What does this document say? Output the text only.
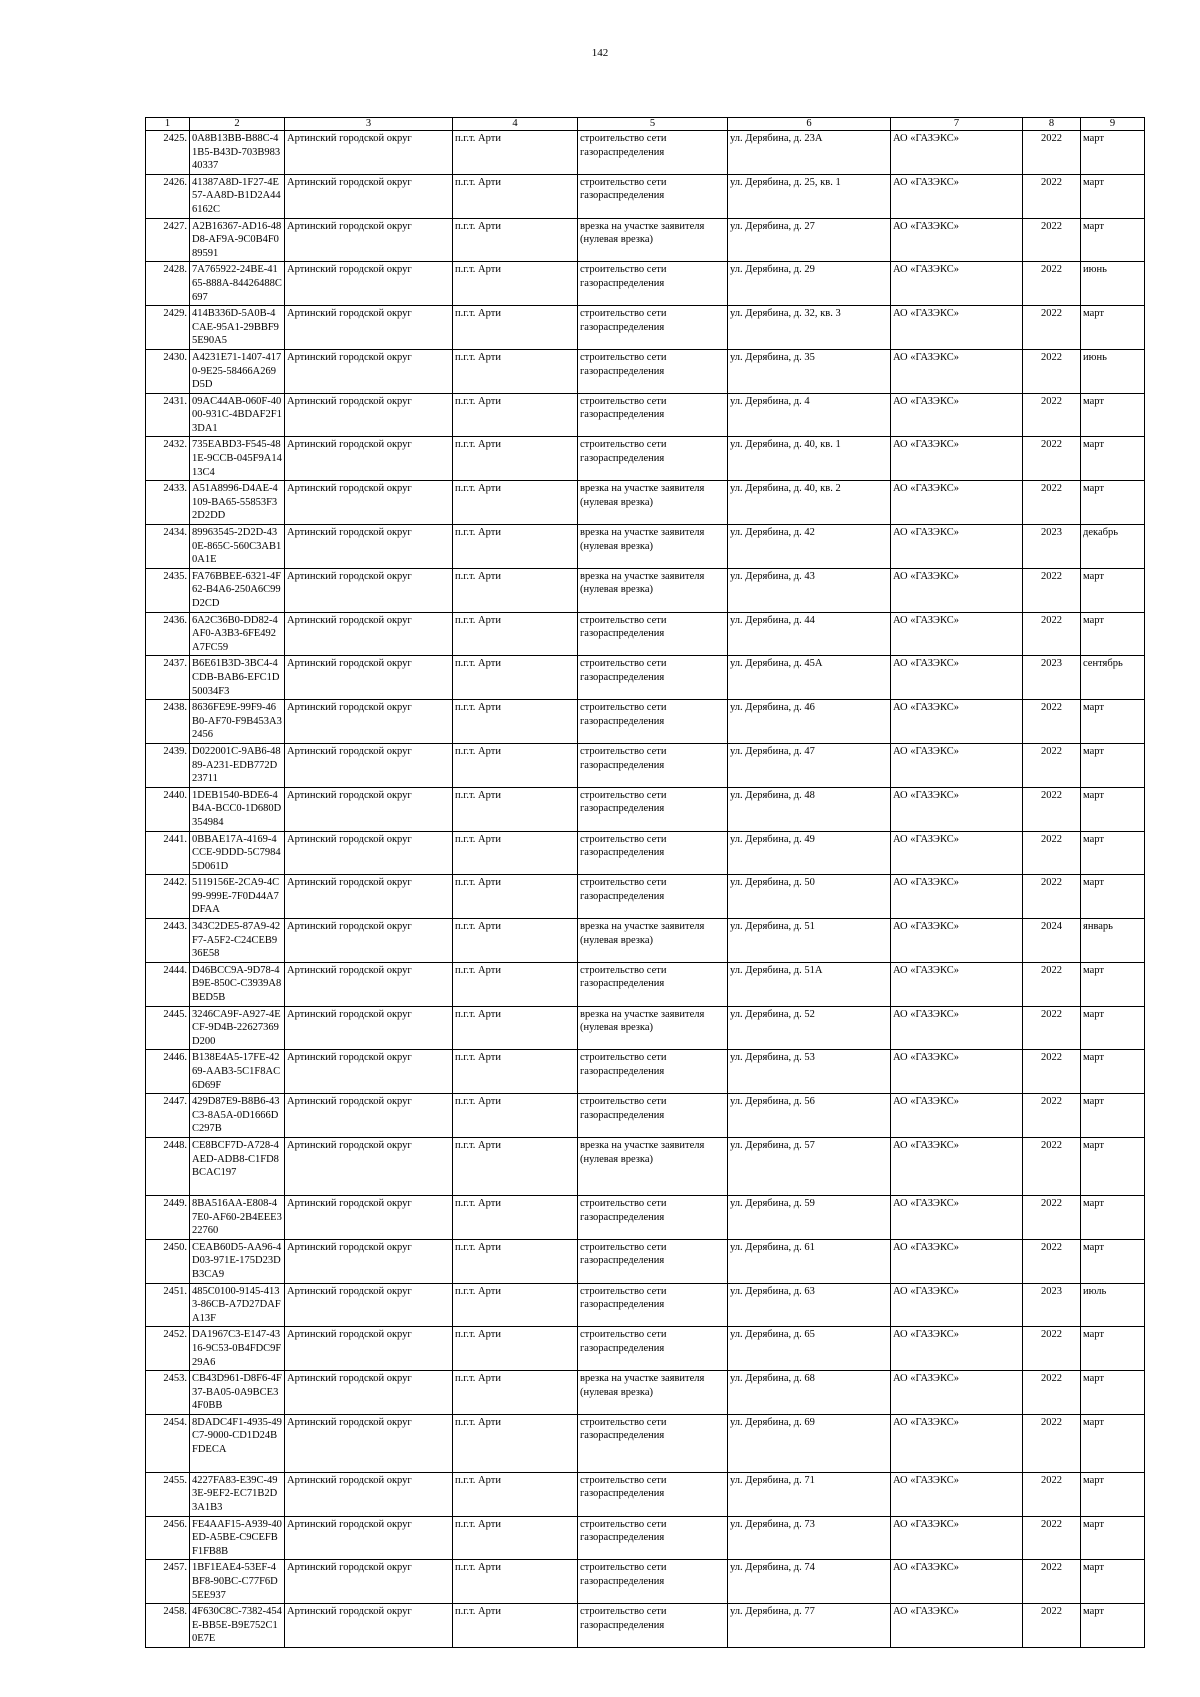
142
1	2	3	4	5	6	7	8	9
2425.	0A8B13BB-B88C-41B5-B43D-703B98340337	Артинский городской округ	п.г.т. Арти	строительство сети газораспределения	ул. Дерябина, д. 23А	АО «ГАЗЭКС»	2022	март
2426.	41387A8D-1F27-4E57-AA8D-B1D2A446162C	Артинский городской округ	п.г.т. Арти	строительство сети газораспределения	ул. Дерябина, д. 25, кв. 1	АО «ГАЗЭКС»	2022	март
2427.	A2B16367-AD16-48D8-AF9A-9C0B4F089591	Артинский городской округ	п.г.т. Арти	врезка на участке заявителя (нулевая врезка)	ул. Дерябина, д. 27	АО «ГАЗЭКС»	2022	март
2428.	7A765922-24BE-4165-888A-84426488C697	Артинский городской округ	п.г.т. Арти	строительство сети газораспределения	ул. Дерябина, д. 29	АО «ГАЗЭКС»	2022	июнь
2429.	414B336D-5A0B-4CAE-95A1-29BBF95E90A5	Артинский городской округ	п.г.т. Арти	строительство сети газораспределения	ул. Дерябина, д. 32, кв. 3	АО «ГАЗЭКС»	2022	март
2430.	A4231E71-1407-4170-9E25-58466A269D5D	Артинский городской округ	п.г.т. Арти	строительство сети газораспределения	ул. Дерябина, д. 35	АО «ГАЗЭКС»	2022	июнь
2431.	09AC44AB-060F-4000-931C-4BDAF2F13DA1	Артинский городской округ	п.г.т. Арти	строительство сети газораспределения	ул. Дерябина, д. 4	АО «ГАЗЭКС»	2022	март
2432.	735EABD3-F545-481E-9CCB-045F9A1413C4	Артинский городской округ	п.г.т. Арти	строительство сети газораспределения	ул. Дерябина, д. 40, кв. 1	АО «ГАЗЭКС»	2022	март
2433.	A51A8996-D4AE-4109-BA65-55853F32D2DD	Артинский городской округ	п.г.т. Арти	врезка на участке заявителя (нулевая врезка)	ул. Дерябина, д. 40, кв. 2	АО «ГАЗЭКС»	2022	март
2434.	89963545-2D2D-430E-865C-560C3AB10A1E	Артинский городской округ	п.г.т. Арти	врезка на участке заявителя (нулевая врезка)	ул. Дерябина, д. 42	АО «ГАЗЭКС»	2023	декабрь
2435.	FA76BBEE-6321-4F62-B4A6-250A6C99D2CD	Артинский городской округ	п.г.т. Арти	врезка на участке заявителя (нулевая врезка)	ул. Дерябина, д. 43	АО «ГАЗЭКС»	2022	март
2436.	6A2C36B0-DD82-4AF0-A3B3-6FE492A7FC59	Артинский городской округ	п.г.т. Арти	строительство сети газораспределения	ул. Дерябина, д. 44	АО «ГАЗЭКС»	2022	март
2437.	B6E61B3D-3BC4-4CDB-BAB6-EFC1D50034F3	Артинский городской округ	п.г.т. Арти	строительство сети газораспределения	ул. Дерябина, д. 45А	АО «ГАЗЭКС»	2023	сентябрь
2438.	8636FE9E-99F9-46B0-AF70-F9B453A32456	Артинский городской округ	п.г.т. Арти	строительство сети газораспределения	ул. Дерябина, д. 46	АО «ГАЗЭКС»	2022	март
2439.	D022001C-9AB6-4889-A231-EDB772D23711	Артинский городской округ	п.г.т. Арти	строительство сети газораспределения	ул. Дерябина, д. 47	АО «ГАЗЭКС»	2022	март
2440.	1DEB1540-BDE6-4B4A-BCC0-1D680D354984	Артинский городской округ	п.г.т. Арти	строительство сети газораспределения	ул. Дерябина, д. 48	АО «ГАЗЭКС»	2022	март
2441.	0BBAE17A-4169-4CCE-9DDD-5C79845D061D	Артинский городской округ	п.г.т. Арти	строительство сети газораспределения	ул. Дерябина, д. 49	АО «ГАЗЭКС»	2022	март
2442.	5119156E-2CA9-4C99-999E-7F0D44A7DFAA	Артинский городской округ	п.г.т. Арти	строительство сети газораспределения	ул. Дерябина, д. 50	АО «ГАЗЭКС»	2022	март
2443.	343C2DE5-87A9-42F7-A5F2-C24CEB936E58	Артинский городской округ	п.г.т. Арти	врезка на участке заявителя (нулевая врезка)	ул. Дерябина, д. 51	АО «ГАЗЭКС»	2024	январь
2444.	D46BCC9A-9D78-4B9E-850C-C3939A8BED5B	Артинский городской округ	п.г.т. Арти	строительство сети газораспределения	ул. Дерябина, д. 51А	АО «ГАЗЭКС»	2022	март
2445.	3246CA9F-A927-4ECF-9D4B-22627369D200	Артинский городской округ	п.г.т. Арти	врезка на участке заявителя (нулевая врезка)	ул. Дерябина, д. 52	АО «ГАЗЭКС»	2022	март
2446.	B138E4A5-17FE-4269-AAB3-5C1F8AC6D69F	Артинский городской округ	п.г.т. Арти	строительство сети газораспределения	ул. Дерябина, д. 53	АО «ГАЗЭКС»	2022	март
2447.	429D87E9-B8B6-43C3-8A5A-0D1666DC297B	Артинский городской округ	п.г.т. Арти	строительство сети газораспределения	ул. Дерябина, д. 56	АО «ГАЗЭКС»	2022	март
2448.	CE8BCF7D-A728-4AED-ADB8-C1FD8BCAC197	Артинский городской округ	п.г.т. Арти	врезка на участке заявителя (нулевая врезка)	ул. Дерябина, д. 57	АО «ГАЗЭКС»	2022	март
2449.	8BA516AA-E808-47E0-AF60-2B4EEE322760	Артинский городской округ	п.г.т. Арти	строительство сети газораспределения	ул. Дерябина, д. 59	АО «ГАЗЭКС»	2022	март
2450.	CEAB60D5-AA96-4D03-971E-175D23DB3CA9	Артинский городской округ	п.г.т. Арти	строительство сети газораспределения	ул. Дерябина, д. 61	АО «ГАЗЭКС»	2022	март
2451.	485C0100-9145-4133-86CB-A7D27DAFA13F	Артинский городской округ	п.г.т. Арти	строительство сети газораспределения	ул. Дерябина, д. 63	АО «ГАЗЭКС»	2023	июль
2452.	DA1967C3-E147-4316-9C53-0B4FDC9F29A6	Артинский городской округ	п.г.т. Арти	строительство сети газораспределения	ул. Дерябина, д. 65	АО «ГАЗЭКС»	2022	март
2453.	CB43D961-D8F6-4F37-BA05-0A9BCE34F0BB	Артинский городской округ	п.г.т. Арти	врезка на участке заявителя (нулевая врезка)	ул. Дерябина, д. 68	АО «ГАЗЭКС»	2022	март
2454.	8DADC4F1-4935-49C7-9000-CD1D24BFDECA	Артинский городской округ	п.г.т. Арти	строительство сети газораспределения	ул. Дерябина, д. 69	АО «ГАЗЭКС»	2022	март
2455.	4227FA83-E39C-493E-9EF2-EC71B2D3A1B3	Артинский городской округ	п.г.т. Арти	строительство сети газораспределения	ул. Дерябина, д. 71	АО «ГАЗЭКС»	2022	март
2456.	FE4AAF15-A939-40ED-A5BE-C9CEFBF1FB8B	Артинский городской округ	п.г.т. Арти	строительство сети газораспределения	ул. Дерябина, д. 73	АО «ГАЗЭКС»	2022	март
2457.	1BF1EAE4-53EF-4BF8-90BC-C77F6D5EE937	Артинский городской округ	п.г.т. Арти	строительство сети газораспределения	ул. Дерябина, д. 74	АО «ГАЗЭКС»	2022	март
2458.	4F630C8C-7382-454E-BB5E-B9E752C10E7E	Артинский городской округ	п.г.т. Арти	строительство сети газораспределения	ул. Дерябина, д. 77	АО «ГАЗЭКС»	2022	март
